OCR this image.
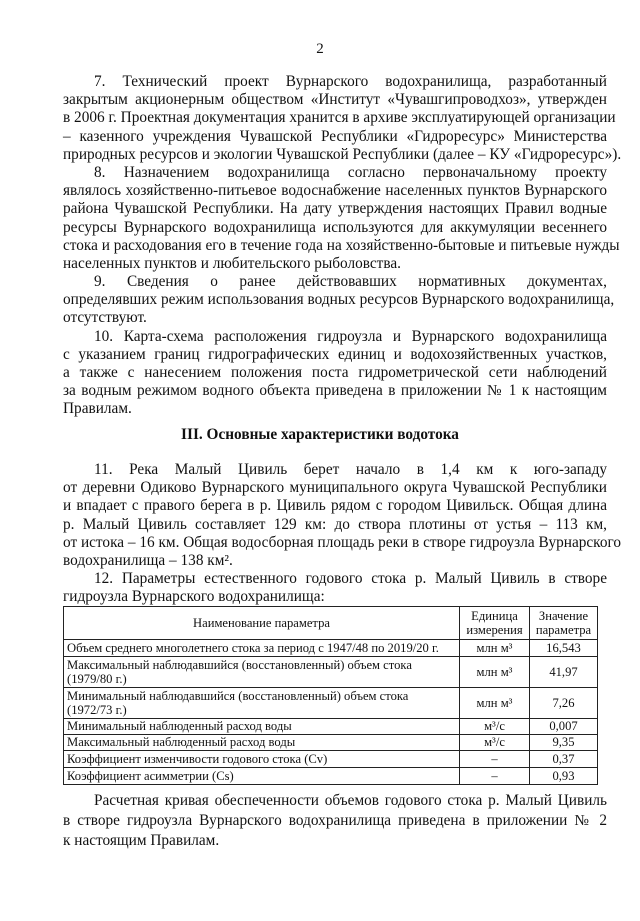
2
7. Технический проект Вурнарского водохранилища, разработанный
закрытым акционерным обществом «Институт «Чувашгипроводхоз», утвержден
в 2006 г. Проектная документация хранится в архиве эксплуатирующей организации
– казенного учреждения Чувашской Республики «Гидроресурс» Министерства
природных ресурсов и экологии Чувашской Республики (далее – КУ «Гидроресурс»).
8. Назначением водохранилища согласно первоначальному проекту
являлось хозяйственно-питьевое водоснабжение населенных пунктов Вурнарского
района Чувашской Республики. На дату утверждения настоящих Правил водные
ресурсы Вурнарского водохранилища используются для аккумуляции весеннего
стока и расходования его в течение года на хозяйственно-бытовые и питьевые нужды
населенных пунктов и любительского рыболовства.
9. Сведения о ранее действовавших нормативных документах,
определявших режим использования водных ресурсов Вурнарского водохранилища,
отсутствуют.
10. Карта-схема расположения гидроузла и Вурнарского водохранилища
с указанием границ гидрографических единиц и водохозяйственных участков,
а также с нанесением положения поста гидрометрической сети наблюдений
за водным режимом водного объекта приведена в приложении № 1 к настоящим
Правилам.
III. Основные характеристики водотока
11. Река Малый Цивиль берет начало в 1,4 км к юго-западу
от деревни Одиково Вурнарского муниципального округа Чувашской Республики
и впадает с правого берега в р. Цивиль рядом с городом Цивильск. Общая длина
р. Малый Цивиль составляет 129 км: до створа плотины от устья – 113 км,
от истока – 16 км. Общая водосборная площадь реки в створе гидроузла Вурнарского
водохранилища – 138 км².
12. Параметры естественного годового стока р. Малый Цивиль в створе
гидроузла Вурнарского водохранилища:
Наименование параметра	Единица измерения	Значение параметра
Объем среднего многолетнего стока за период с 1947/48 по 2019/20 г.	млн м³	16,543
Максимальный наблюдавшийся (восстановленный) объем стока (1979/80 г.)	млн м³	41,97
Минимальный наблюдавшийся (восстановленный) объем стока (1972/73 г.)	млн м³	7,26
Минимальный наблюденный расход воды	м³/с	0,007
Максимальный наблюденный расход воды	м³/с	9,35
Коэффициент изменчивости годового стока (Cv)	–	0,37
Коэффициент асимметрии (Cs)	–	0,93
Расчетная кривая обеспеченности объемов годового стока р. Малый Цивиль
в створе гидроузла Вурнарского водохранилища приведена в приложении № 2
к настоящим Правилам.
